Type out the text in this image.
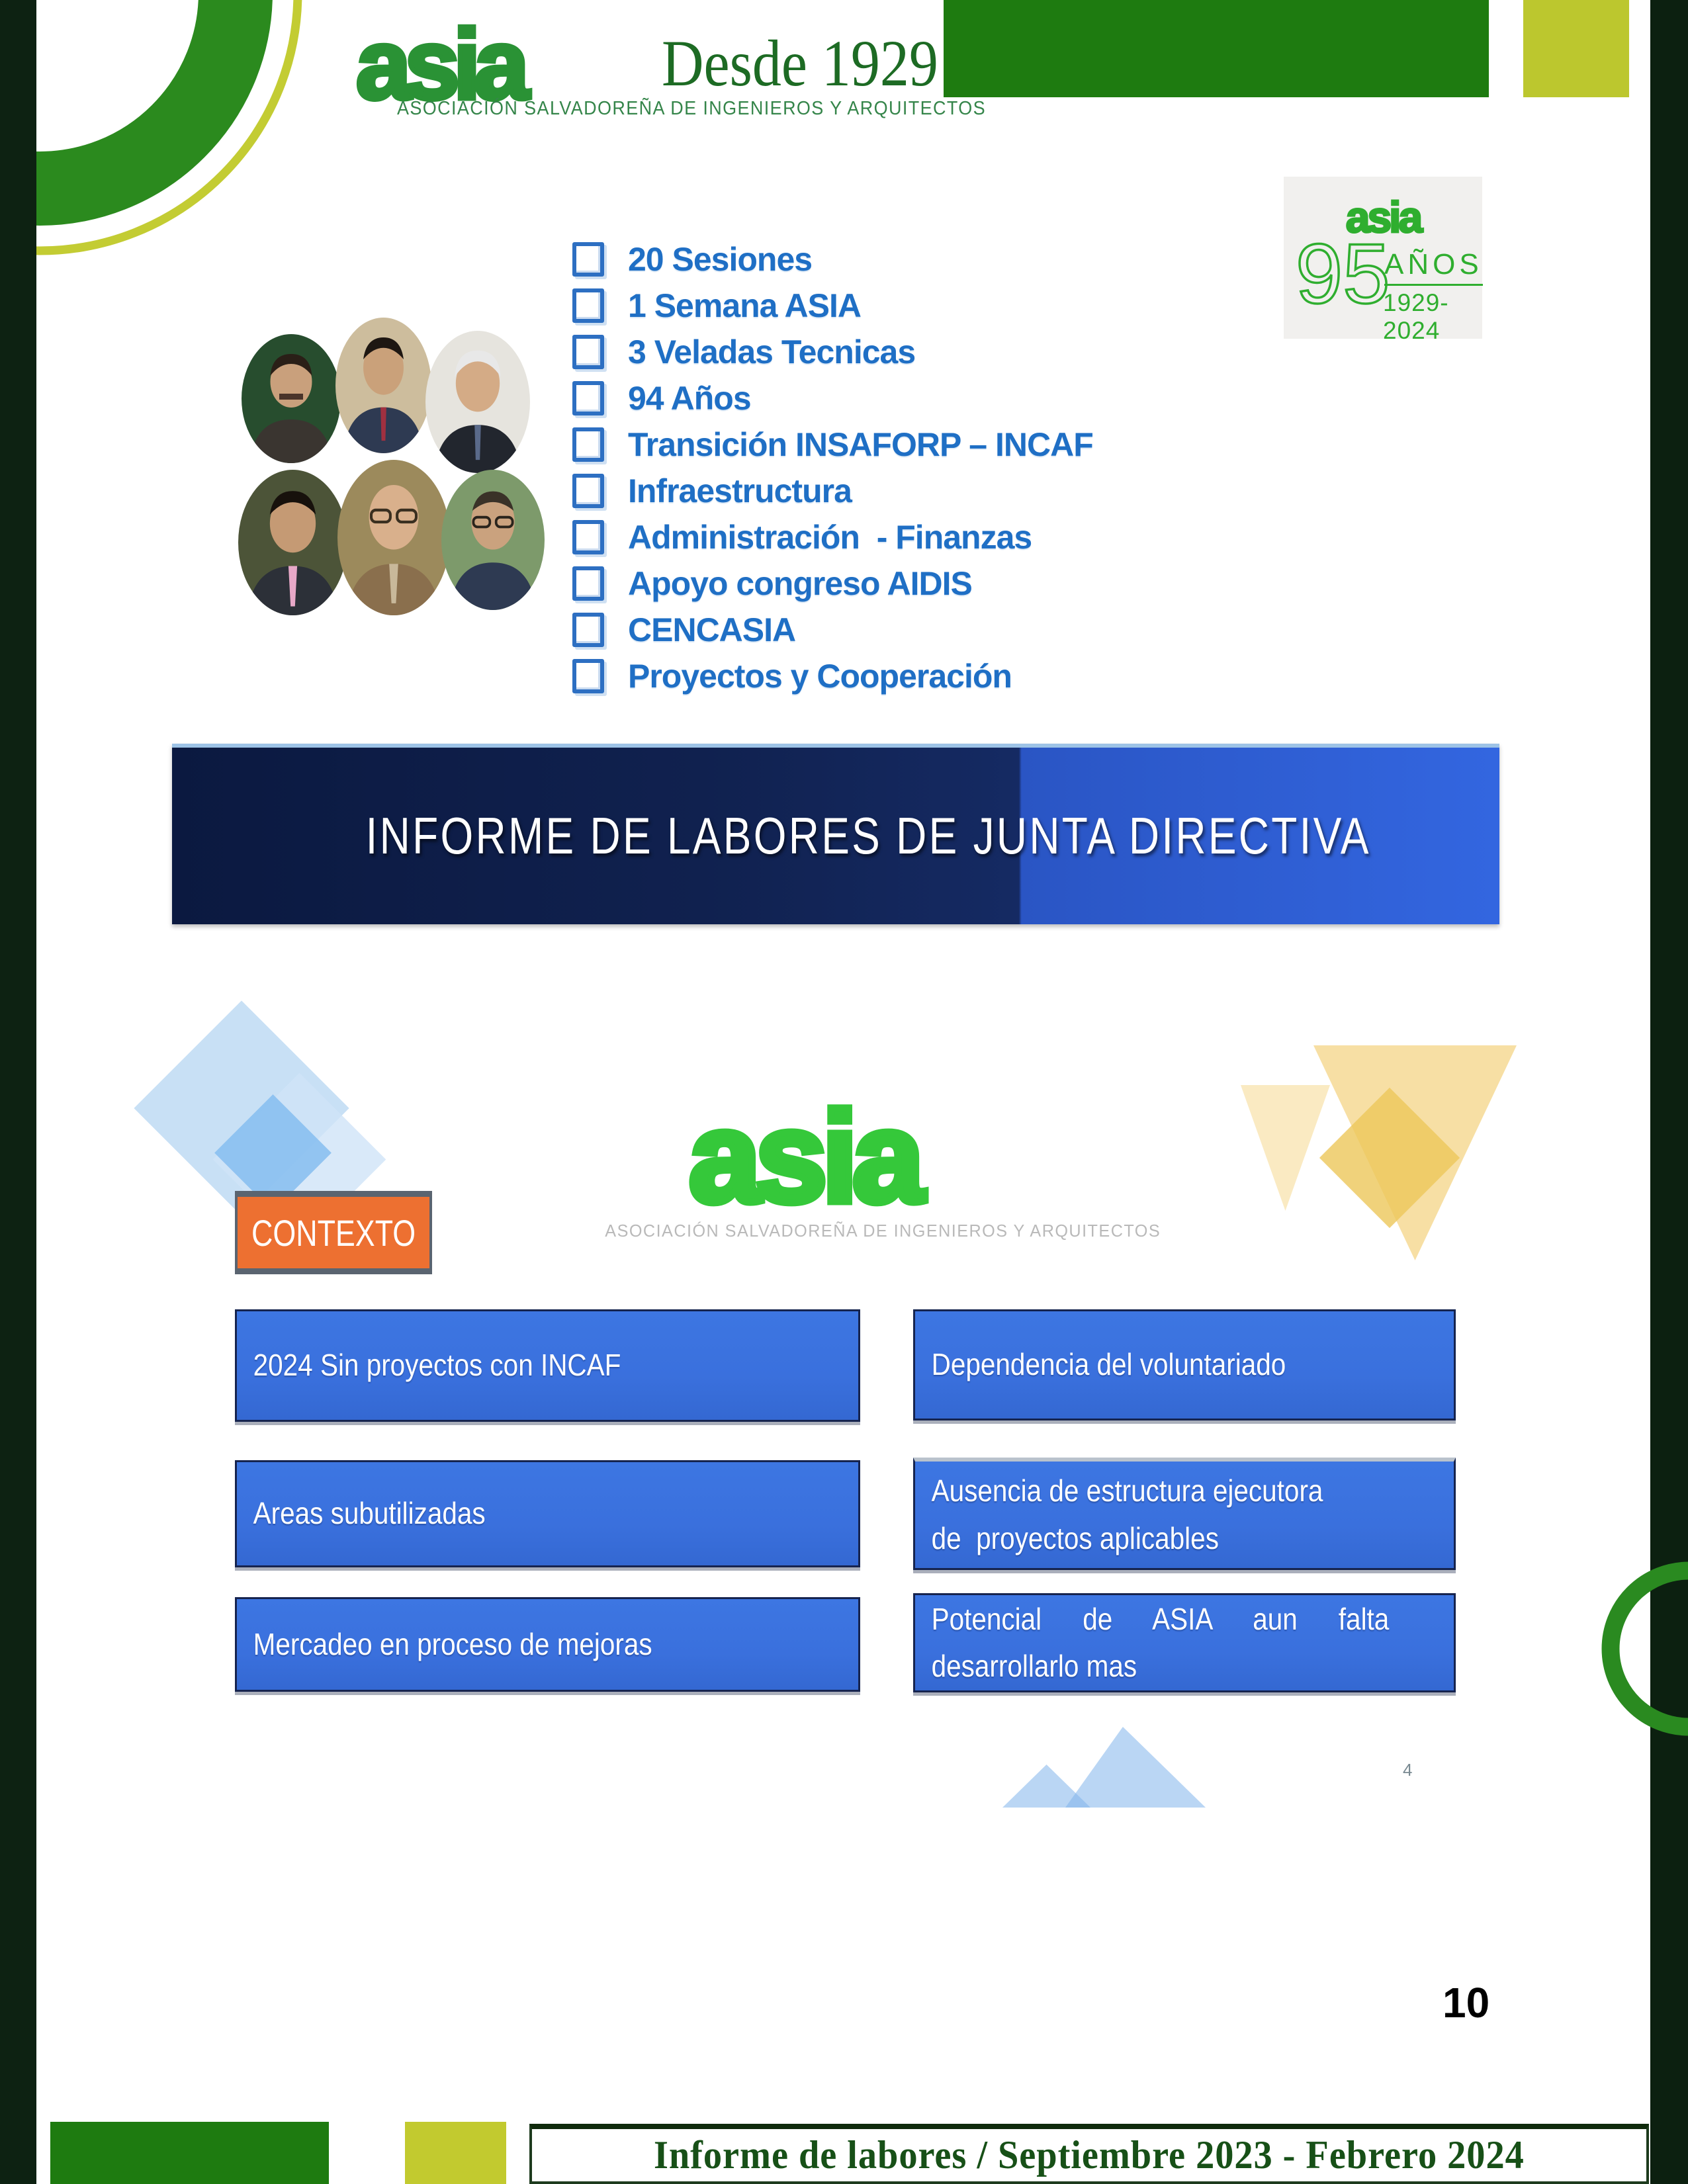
asia Desde 1929
ASOCIACIÓN SALVADOREÑA DE INGENIEROS Y ARQUITECTOS
asia
95
AÑOS
1929-2024
20 Sesiones
1 Semana ASIA
3 Veladas Tecnicas
94 Años
Transición INSAFORP – INCAF
Infraestructura
Administración  - Finanzas
Apoyo congreso AIDIS
CENCASIA
Proyectos y Cooperación
INFORME DE LABORES DE JUNTA DIRECTIVA
asia
ASOCIACIÓN SALVADOREÑA DE INGENIEROS Y ARQUITECTOS
CONTEXTO
2024 Sin proyectos con INCAF	Dependencia del voluntariado
Areas subutilizadas
Ausencia de estructura ejecutora
de  proyectos aplicables
Mercadeo en proceso de mejoras
Potencial de ASIA aun falta
desarrollarlo mas
4
10
Informe de labores / Septiembre 2023 - Febrero 2024
